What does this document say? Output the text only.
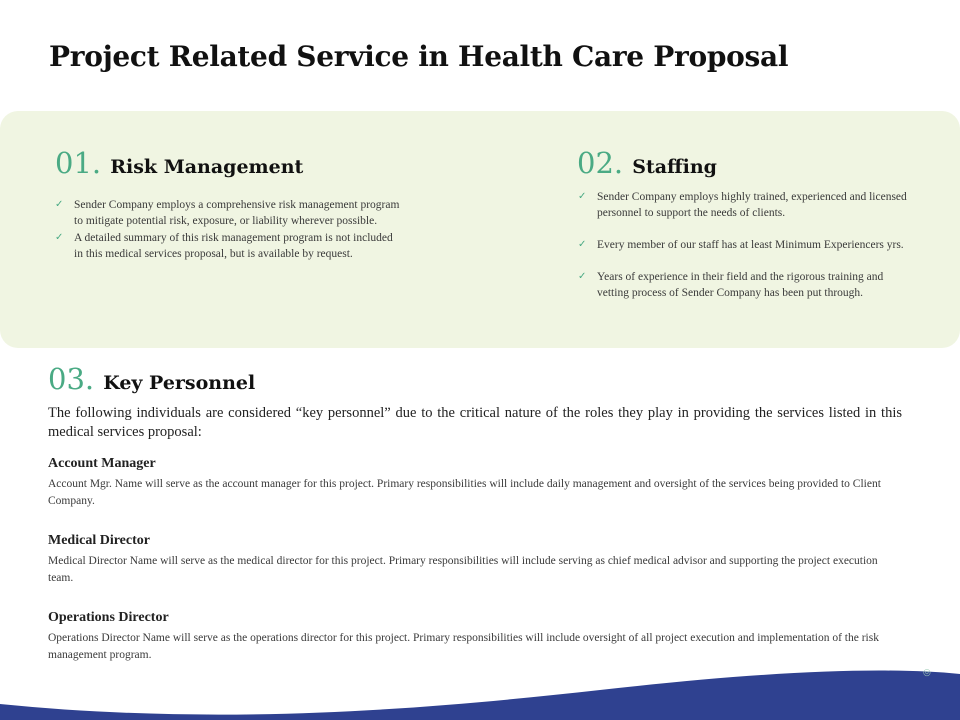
Project Related Service in Health Care Proposal
01. Risk Management
✓ Sender Company employs a comprehensive risk management program to mitigate potential risk, exposure, or liability wherever possible.
✓ A detailed summary of this risk management program is not included in this medical services proposal, but is available by request.
02. Staffing
✓ Sender Company employs highly trained, experienced and licensed personnel to support the needs of clients.
✓ Every member of our staff has at least Minimum Experiencers yrs.
✓ Years of experience in their field and the rigorous training and vetting process of Sender Company has been put through.
03. Key Personnel
The following individuals are considered “key personnel” due to the critical nature of the roles they play in providing the services listed in this medical services proposal:
Account Manager
Account Mgr. Name will serve as the account manager for this project. Primary responsibilities will include daily management and oversight of the services being provided to Client Company.
Medical Director
Medical Director Name will serve as the medical director for this project. Primary responsibilities will include serving as chief medical advisor and supporting the project execution team.
Operations Director
Operations Director Name will serve as the operations director for this project. Primary responsibilities will include oversight of all project execution and implementation of the risk management program.
◎
